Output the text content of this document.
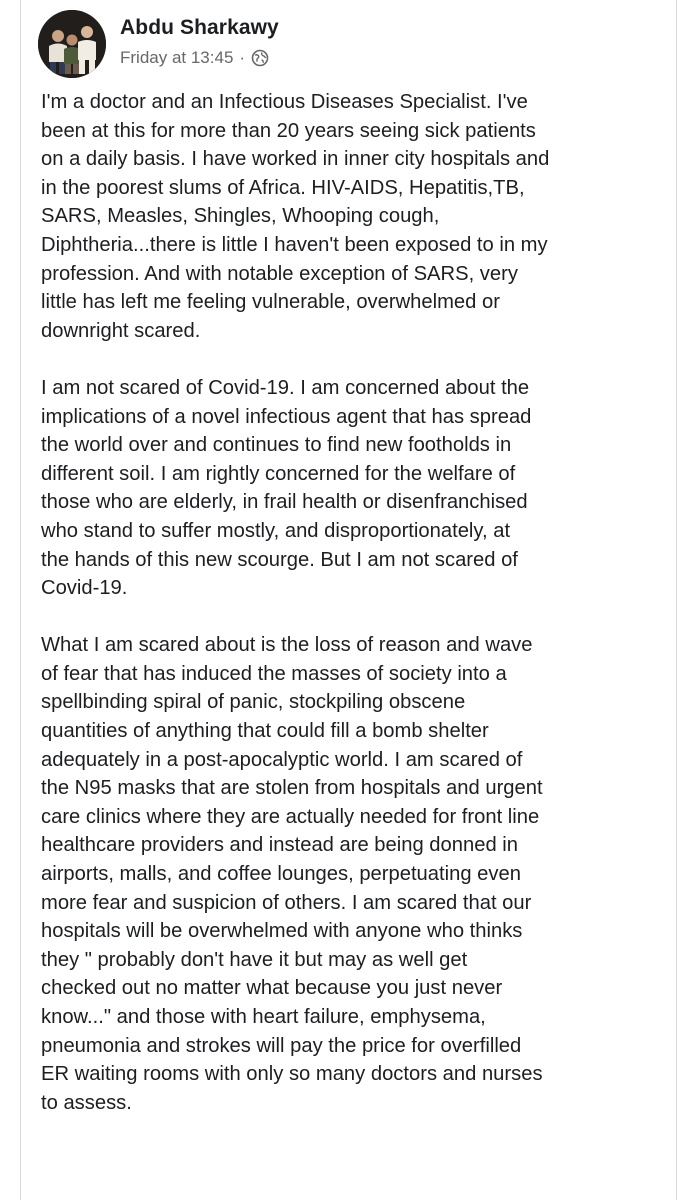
Abdu Sharkawy
Friday at 13:45 ·

I'm a doctor and an Infectious Diseases Specialist. I've
been at this for more than 20 years seeing sick patients
on a daily basis. I have worked in inner city hospitals and
in the poorest slums of Africa. HIV-AIDS, Hepatitis,TB,
SARS, Measles, Shingles, Whooping cough,
Diphtheria...there is little I haven't been exposed to in my
profession. And with notable exception of SARS, very
little has left me feeling vulnerable, overwhelmed or
downright scared.

I am not scared of Covid-19. I am concerned about the
implications of a novel infectious agent that has spread
the world over and continues to find new footholds in
different soil. I am rightly concerned for the welfare of
those who are elderly, in frail health or disenfranchised
who stand to suffer mostly, and disproportionately, at
the hands of this new scourge. But I am not scared of
Covid-19.

What I am scared about is the loss of reason and wave
of fear that has induced the masses of society into a
spellbinding spiral of panic, stockpiling obscene
quantities of anything that could fill a bomb shelter
adequately in a post-apocalyptic world. I am scared of
the N95 masks that are stolen from hospitals and urgent
care clinics where they are actually needed for front line
healthcare providers and instead are being donned in
airports, malls, and coffee lounges, perpetuating even
more fear and suspicion of others. I am scared that our
hospitals will be overwhelmed with anyone who thinks
they " probably don't have it but may as well get
checked out no matter what because you just never
know..." and those with heart failure, emphysema,
pneumonia and strokes will pay the price for overfilled
ER waiting rooms with only so many doctors and nurses
to assess.
